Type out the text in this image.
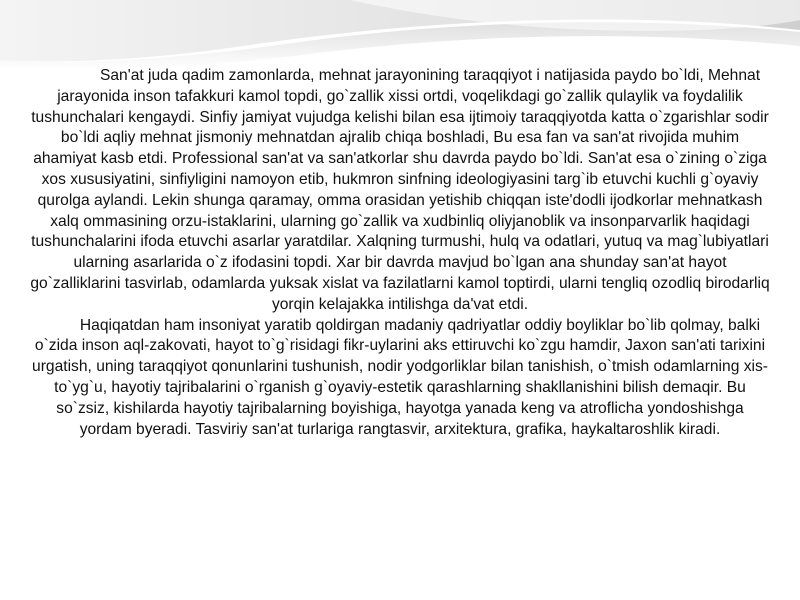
San'at juda qadim zamonlarda, mehnat jarayonining taraqqiyot i natijasida paydo bo`ldi, Mehnat jarayonida inson tafakkuri kamol topdi, go`zallik xissi ortdi, voqelikdagi go`zallik qulaylik va foydalilik tushunchalari kengaydi. Sinfiy jamiyat vujudga kelishi bilan esa ijtimoiy taraqqiyotda katta o`zgarishlar sodir bo`ldi aqliy mehnat jismoniy mehnatdan ajralib chiqa boshladi, Bu esa fan va san'at rivojida muhim ahamiyat kasb etdi. Professional san'at va san'atkorlar shu davrda paydo bo`ldi. San'at esa o`zining o`ziga xos xususiyatini, sinfiyligini namoyon etib, hukmron sinfning ideologiyasini targ`ib etuvchi kuchli g`oyaviy qurolga aylandi. Lekin shunga qaramay, omma orasidan yetishib chiqqan iste'dodli ijodkorlar mehnatkash xalq ommasining orzu-istaklarini, ularning go`zallik va xudbinliq oliyjanoblik va insonparvarlik haqidagi tushunchalarini ifoda etuvchi asarlar yaratdilar. Xalqning turmushi, hulq va odatlari, yutuq va mag`lubiyatlari ularning asarlarida o`z ifodasini topdi. Xar bir davrda mavjud bo`lgan ana shunday san'at hayot go`zalliklarini tasvirlab, odamlarda yuksak xislat va fazilatlarni kamol toptirdi, ularni tengliq ozodliq birodarliq yorqin kelajakka intilishga da'vat etdi.

Haqiqatdan ham insoniyat yaratib qoldirgan madaniy qadriyatlar oddiy boyliklar bo`lib qolmay, balki o`zida inson aql-zakovati, hayot to`g`risidagi fikr-uylarini aks ettiruvchi ko`zgu hamdir, Jaxon san'ati tarixini urgatish, uning taraqqiyot qonunlarini tushunish, nodir yodgorliklar bilan tanishish, o`tmish odamlarning xis-to`yg`u, hayotiy tajribalarini o`rganish g`oyaviy-estetik qarashlarning shakllanishini bilish demaqir. Bu so`zsiz, kishilarda hayotiy tajribalarning boyishiga, hayotga yanada keng va atroflicha yondoshishga yordam byeradi. Tasviriy san'at turlariga rangtasvir, arxitektura, grafika, haykaltaroshlik kiradi.
